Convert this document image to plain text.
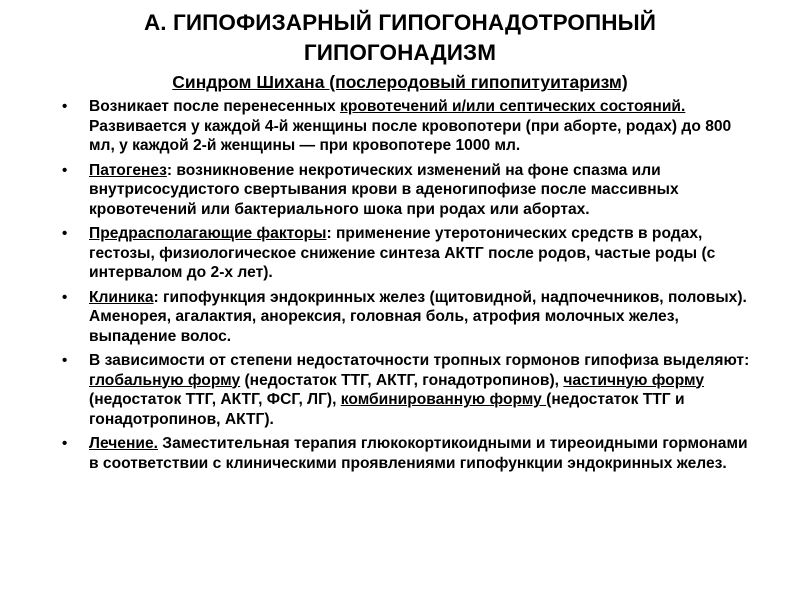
А. ГИПОФИЗАРНЫЙ ГИПОГОНАДОТРОПНЫЙ
ГИПОГОНАДИЗМ
Синдром Шихана (послеродовый гипопитуитаризм)
• Возникает после перенесенных кровотечений и/или септических состояний. Развивается у каждой 4-й женщины после кровопотери (при аборте, родах) до 800 мл, у каждой 2-й женщины — при кровопотере 1000 мл.
• Патогенез: возникновение некротических изменений на фоне спазма или внутрисосудистого свертывания крови в аденогипофизе после массивных кровотечений или бактериального шока при родах или абортах.
• Предрасполагающие факторы: применение утеротонических средств в родах, гестозы, физиологическое снижение синтеза АКТГ после родов, частые роды (с интервалом до 2-х лет).
• Клиника: гипофункция эндокринных желез (щитовидной, надпочечников, половых). Аменорея, агалактия, анорексия, головная боль, атрофия молочных желез, выпадение волос.
• В зависимости от степени недостаточности тропных гормонов гипофиза выделяют: глобальную форму (недостаток ТТГ, АКТГ, гонадотропинов), частичную форму (недостаток ТТГ, АКТГ, ФСГ, ЛГ), комбинированную форму (недостаток ТТГ и гонадотропинов, АКТГ).
• Лечение. Заместительная терапия глюкокортикоидными и тиреоидными гормонами в соответствии с клиническими проявлениями гипофункции эндокринных желез.
